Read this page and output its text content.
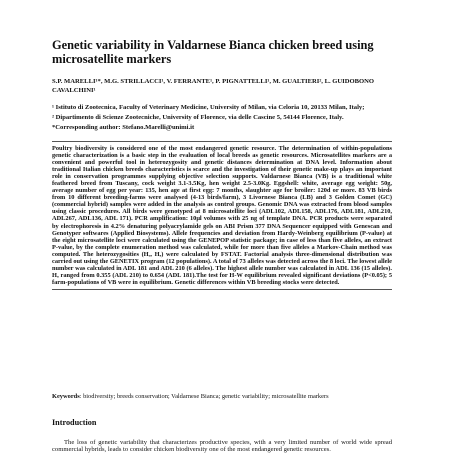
Genetic variability in Valdarnese Bianca chicken breed using microsatellite markers
S.P. MARELLI¹*, M.G. STRILLACCI¹, V. FERRANTE¹, P. PIGNATTELLI¹, M. GUALTIERI², L. GUIDOBONO CAVALCHINI¹

¹ Istituto di Zootecnica, Faculty of Veterinary Medicine, University of Milan, via Celoria 10, 20133 Milan, Italy;

² Dipartimento di Scienze Zootecniche, University of Florence, via delle Cascine 5, 54144 Florence, Italy.

*Corresponding author: Stefano.Marelli@unimi.it

Poultry biodiversity is considered one of the most endangered genetic resource. The determination of within-populations genetic characterization is a basic step in the evaluation of local breeds as genetic resources. Microsatellites markers are a convenient and powerful tool in heterozygosity and genetic distances determination at DNA level. Information about traditional Italian chicken breeds characteristics is scarce and the investigation of their genetic make-up plays an important role in conservation programmes supplying objective selection supports. Valdarnese Bianca (VB) is a traditional white feathered breed from Tuscany, cock weight 3.1-3.5Kg, hen weight 2.5-3.0Kg. Eggshell: white, average egg weight: 50g, average number of egg per year: 135, hen age at first egg: 7 months, slaughter age for broiler: 120d or more. 83 VB birds from 10 different breeding-farms were analysed (4-13 birds/farm), 3 Livornese Bianca (LB) and 3 Golden Comet (GC) (commercial hybrid) samples were added in the analysis as control groups. Genomic DNA was extracted from blood samples using classic procedures. All birds were genotyped at 8 microsatellite loci (ADL102, ADL158, ADL176, ADL181, ADL210, ADL267, ADL136, ADL 171). PCR amplification: 10μl volumes with 25 ng of template DNA. PCR products were separated by electrophoresis in 4.2% denaturing polyacrylamide gels on ABI Prism 377 DNA Sequencer equipped with Genescan and Genotyper softwares (Applied Biosystems). Allele frequencies and deviation from Hardy-Weinberg equilibrium (P-value) at the eight microsatellite loci were calculated using the GENEPOP statistic package; in case of less than five alleles, an extract P-value, by the complete enumeration method was calculated, while for more than five alleles a Markov-Chain method was computed. The heterozygosities (Hₒ, Hₑ) were calculated by FSTAT. Factorial analysis three-dimensional distribution was carried out using the GENETIX program (12 populations). A total of 73 alleles was detected across the 8 loci. The lowest allele number was calculated in ADL 181 and ADL 210 (6 alleles). The highest allele number was calculated in ADL 136 (15 alleles). Hₒ ranged from 0.355 (ADL 210) to 0.654 (ADL 181).The test for H-W equilibrium revealed significant deviations (P<0.05); 5 farm-populations of VB were in equilibrium. Genetic differences within VB breeding stocks were detected.
Keywords: biodiversity; breeds conservation; Valdarnese Bianca; genetic variability; microsatellite markers
Introduction

The loss of genetic variability that characterizes productive species, with a very limited number of world wide spread commercial hybrids, leads to consider chicken biodiversity one of the most endangered genetic resources.
